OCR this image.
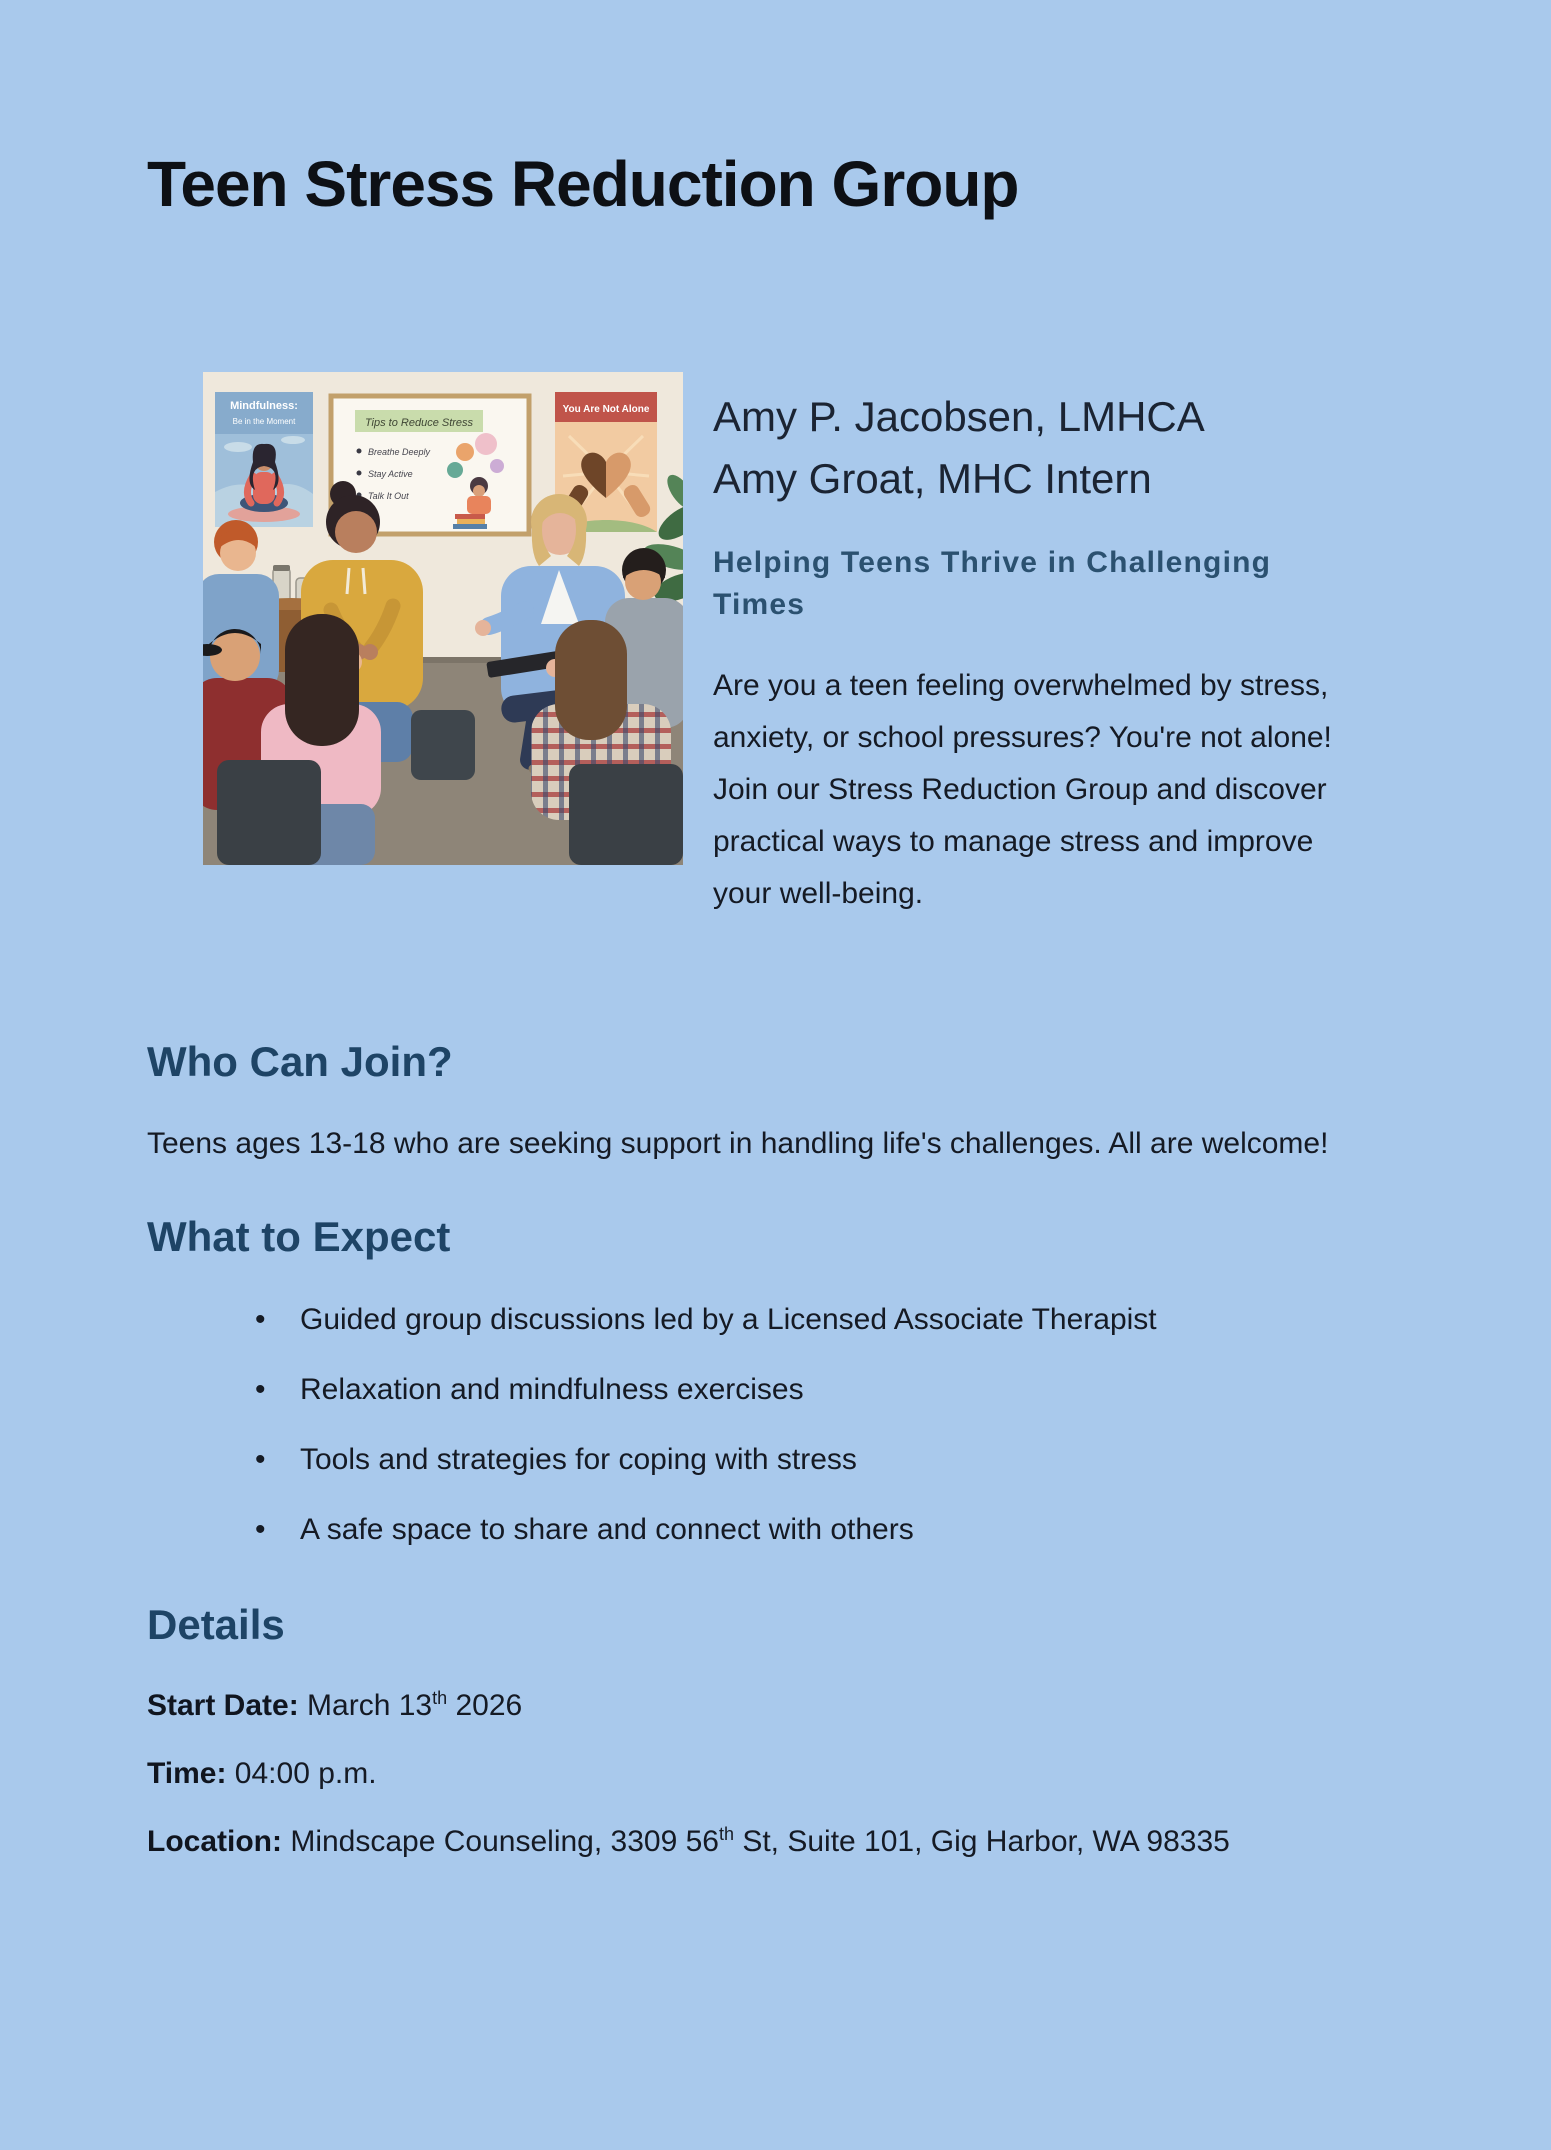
Teen Stress Reduction Group
Mindfulness:
Be in the Moment	Tips to Reduce Stress
Breathe Deeply
Stay Active
Talk It Out
You Are Not Alone Amy P. Jacobsen, LMHCA

Amy Groat, MHC Intern

Helping Teens Thrive in Challenging Times

Are you a teen feeling overwhelmed by stress, anxiety, or school pressures? You're not alone! Join our Stress Reduction Group and discover practical ways to manage stress and improve your well-being.

Who Can Join?

Teens ages 13-18 who are seeking support in handling life's challenges. All are welcome!

What to Expect
• Guided group discussions led by a Licensed Associate Therapist
• Relaxation and mindfulness exercises
• Tools and strategies for coping with stress
• A safe space to share and connect with others
Details

Start Date: March 13th 2026

Time: 04:00 p.m.

Location: Mindscape Counseling, 3309 56th St, Suite 101, Gig Harbor, WA 98335
